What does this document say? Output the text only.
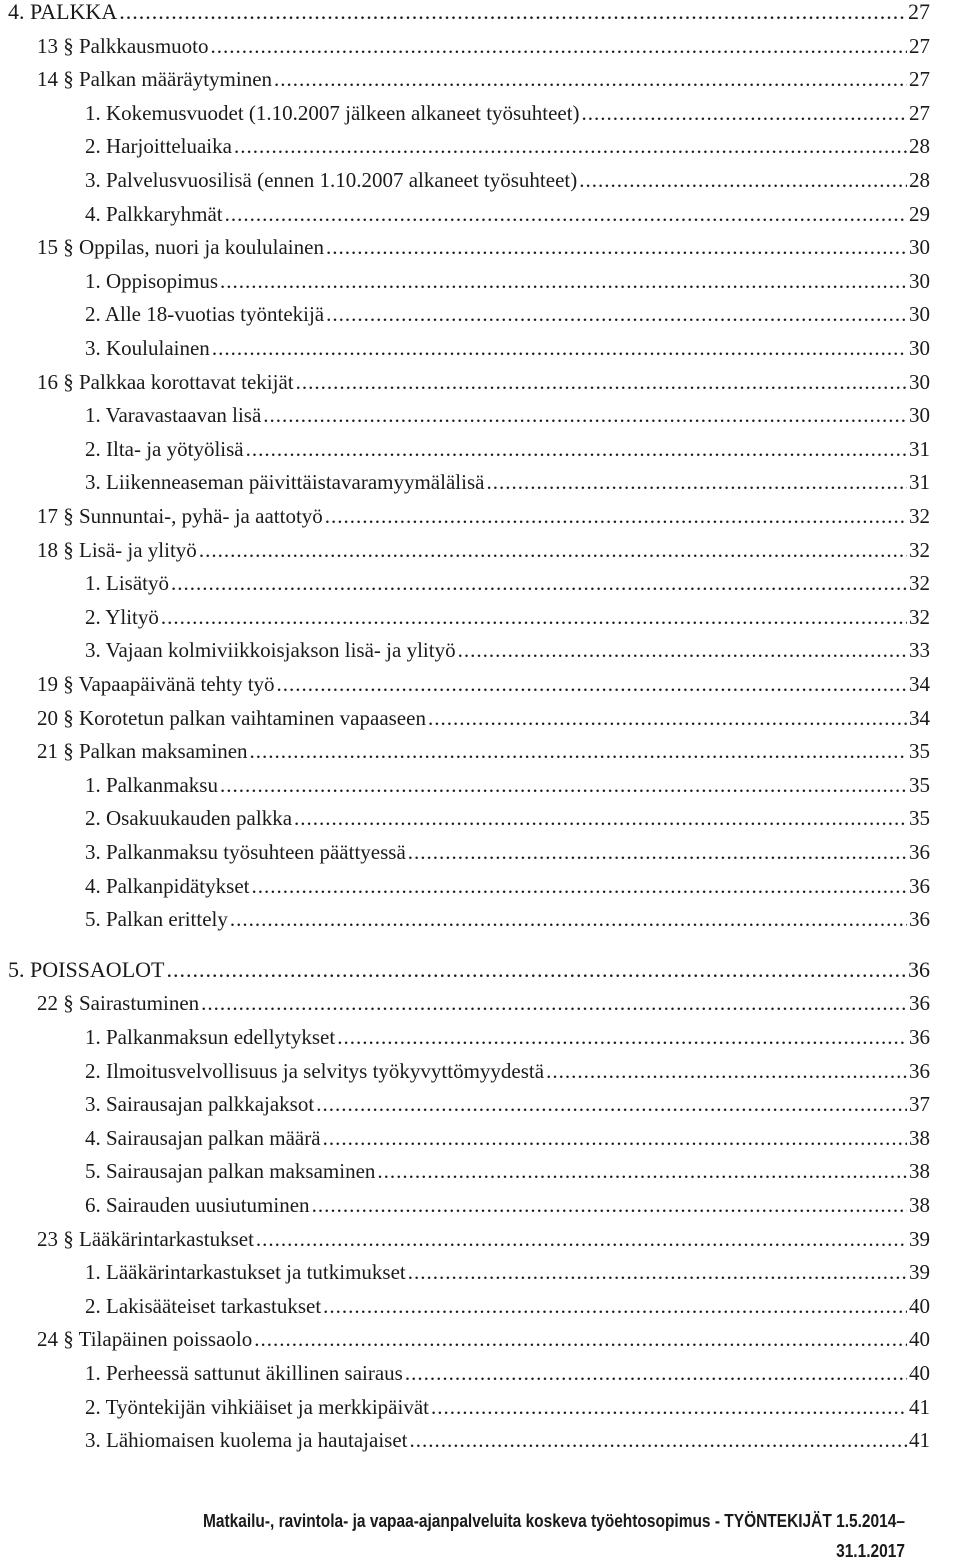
4. PALKKA .....	27
13 § Palkkausmuoto .....	27
14 § Palkan määräytyminen .....	27
1. Kokemusvuodet (1.10.2007 jälkeen alkaneet työsuhteet) .....	27
2. Harjoitteluaika .....	28
3. Palvelusvuosilisä (ennen 1.10.2007 alkaneet työsuhteet) .....	28
4. Palkkaryhmät .....	29
15 § Oppilas, nuori ja koululainen .....	30
1. Oppisopimus .....	30
2. Alle 18-vuotias työntekijä .....	30
3. Koululainen .....	30
16 § Palkkaa korottavat tekijät .....	30
1. Varavastaavan lisä .....	30
2. Ilta- ja yötyölisä .....	31
3. Liikenneaseman päivittäistavaramyymälälisä .....	31
17 § Sunnuntai-, pyhä- ja aattotyö .....	32
18 § Lisä- ja ylityö .....	32
1. Lisätyö .....	32
2. Ylityö .....	32
3. Vajaan kolmiviikkoisjakson lisä- ja ylityö .....	33
19 § Vapaapäivänä tehty työ .....	34
20 § Korotetun palkan vaihtaminen vapaaseen .....	34
21 § Palkan maksaminen .....	35
1. Palkanmaksu .....	35
2. Osakuukauden palkka .....	35
3. Palkanmaksu työsuhteen päättyessä .....	36
4. Palkanpidätykset .....	36
5. Palkan erittely .....	36
5. POISSAOLOT .....	36
22 § Sairastuminen .....	36
1. Palkanmaksun edellytykset .....	36
2. Ilmoitusvelvollisuus ja selvitys työkyvyttömyydestä .....	36
3. Sairausajan palkkajaksot .....	37
4. Sairausajan palkan määrä .....	38
5. Sairausajan palkan maksaminen .....	38
6. Sairauden uusiutuminen .....	38
23 § Lääkärintarkastukset .....	39
1. Lääkärintarkastukset ja tutkimukset .....	39
2. Lakisääteiset tarkastukset .....	40
24 § Tilapäinen poissaolo .....	40
1. Perheessä sattunut äkillinen sairaus .....	40
2. Työntekijän vihkiäiset ja merkkipäivät .....	41
3. Lähiomaisen kuolema ja hautajaiset .....	41
Matkailu-, ravintola- ja vapaa-ajanpalveluita koskeva työehtosopimus - TYÖNTEKIJÄT 1.5.2014–31.1.2017
